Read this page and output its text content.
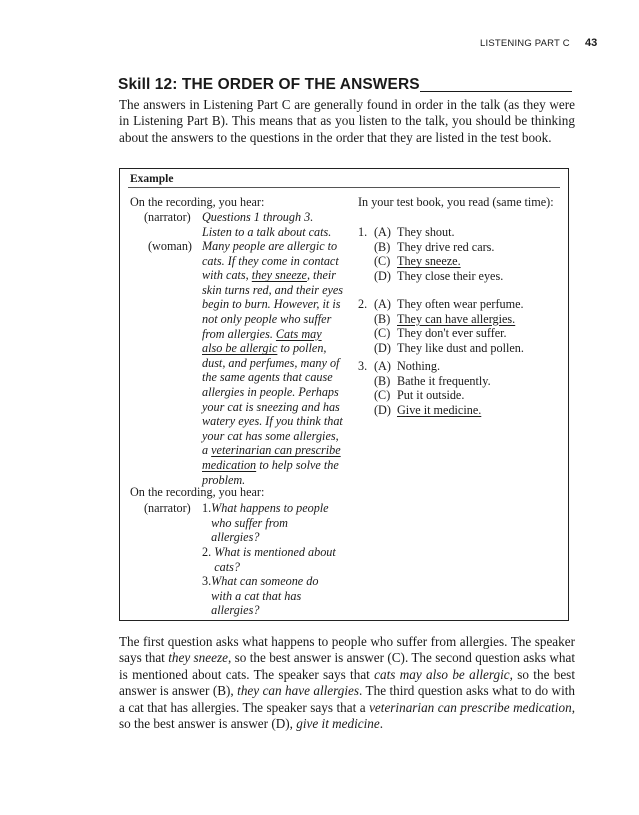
LISTENING PART C 43
Skill 12: THE ORDER OF THE ANSWERS

The answers in Listening Part C are generally found in order in the talk (as they were in Listening Part B). This means that as you listen to the talk, you should be thinking about the answers to the questions in the order that they are listed in the test book.

Example
On the recording, you hear:
(narrator) Questions 1 through 3. Listen to a talk about cats.
(woman) Many people are allergic to cats. If they come in contact with cats, they sneeze, their skin turns red, and their eyes begin to burn. However, it is not only people who suffer from allergies. Cats may also be allergic to pollen, dust, and perfumes, many of the same agents that cause allergies in people. Perhaps your cat is sneezing and has watery eyes. If you think that your cat has some allergies, a veterinarian can prescribe medication to help solve the problem.
On the recording, you hear:
(narrator) 1. What happens to people who suffer from allergies?
2. What is mentioned about cats?
3. What can someone do with a cat that has allergies?
In your test book, you read (same time):
1. (A) They shout.
(B) They drive red cars.
(C) They sneeze.
(D) They close their eyes.
2. (A) They often wear perfume.
(B) They can have allergies.
(C) They don't ever suffer.
(D) They like dust and pollen.
3. (A) Nothing.
(B) Bathe it frequently.
(C) Put it outside.
(D) Give it medicine.

The first question asks what happens to people who suffer from allergies. The speaker says that they sneeze, so the best answer is answer (C). The second question asks what is mentioned about cats. The speaker says that cats may also be allergic, so the best answer is answer (B), they can have allergies. The third question asks what to do with a cat that has allergies. The speaker says that a veterinarian can prescribe medication, so the best answer is answer (D), give it medicine.
